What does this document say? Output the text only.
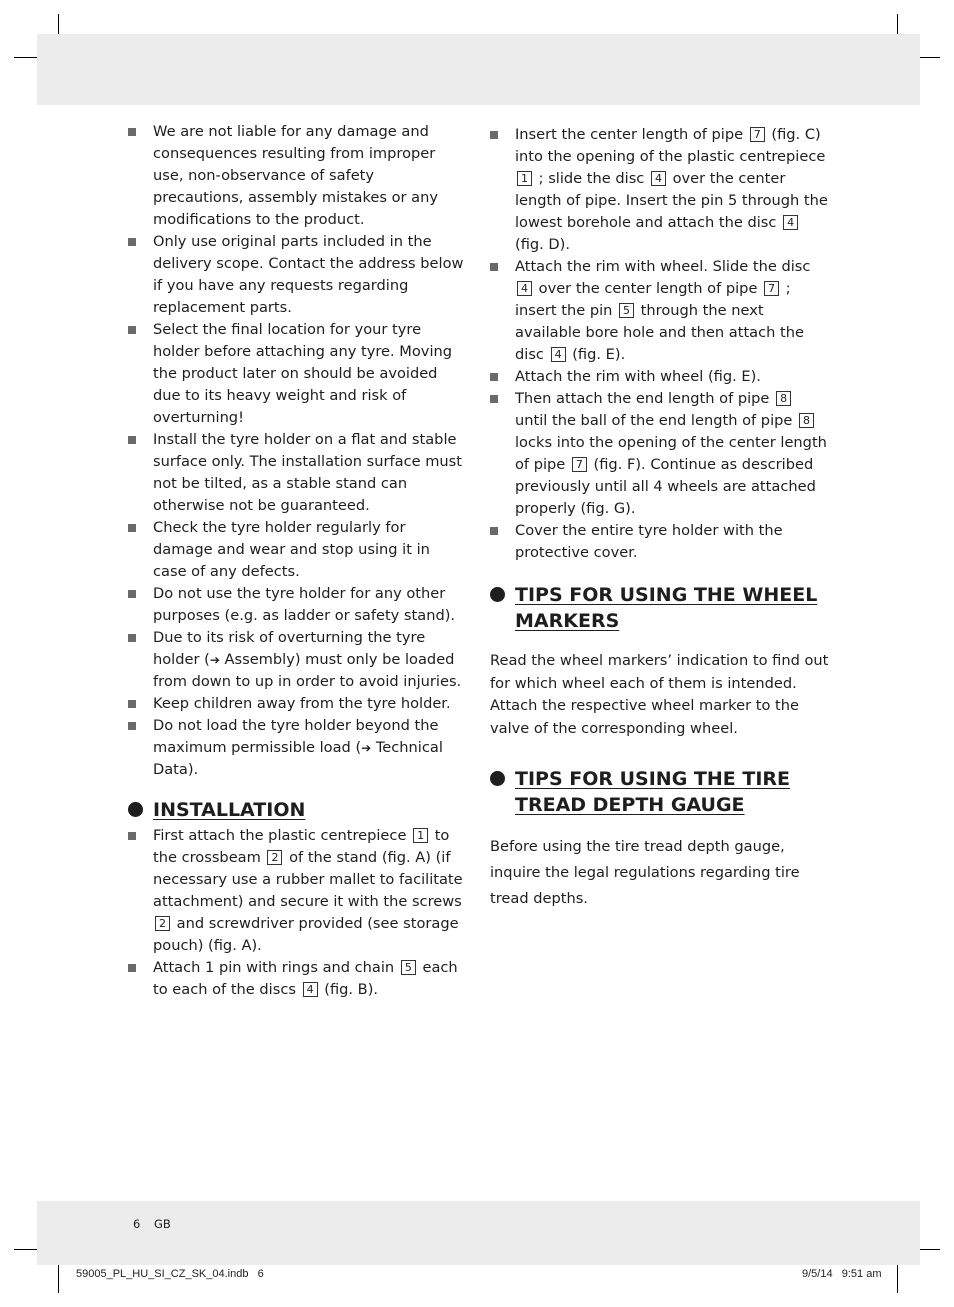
We are not liable for any damage and consequences resulting from improper use, non-observance of safety precautions, assembly mistakes or any modifications to the product.
Only use original parts included in the delivery scope. Contact the address below if you have any requests regarding replacement parts.
Select the final location for your tyre holder before attaching any tyre. Moving the product later on should be avoided due to its heavy weight and risk of overturning!
Install the tyre holder on a flat and stable surface only. The installation surface must not be tilted, as a stable stand can otherwise not be guaranteed.
Check the tyre holder regularly for damage and wear and stop using it in case of any defects.
Do not use the tyre holder for any other purposes (e.g. as ladder or safety stand).
Due to its risk of overturning the tyre holder (➔ Assembly) must only be loaded from down to up in order to avoid injuries.
Keep children away from the tyre holder.
Do not load the tyre holder beyond the maximum permissible load (➔ Technical Data).
INSTALLATION
First attach the plastic centrepiece 1 to the crossbeam 2 of the stand (fig. A) (if necessary use a rubber mallet to facilitate attachment) and secure it with the screws 2 and screwdriver provided (see storage pouch) (fig. A).
Attach 1 pin with rings and chain 5 each to each of the discs 4 (fig. B).
Insert the center length of pipe 7 (fig. C) into the opening of the plastic centrepiece 1 ; slide the disc 4 over the center length of pipe. Insert the pin 5 through the lowest borehole and attach the disc 4 (fig. D).
Attach the rim with wheel. Slide the disc 4 over the center length of pipe 7 ; insert the pin 5 through the next available bore hole and then attach the disc 4 (fig. E).
Attach the rim with wheel (fig. E).
Then attach the end length of pipe 8 until the ball of the end length of pipe 8 locks into the opening of the center length of pipe 7 (fig. F). Continue as described previously until all 4 wheels are attached properly (fig. G).
Cover the entire tyre holder with the protective cover.
TIPS FOR USING THE WHEEL MARKERS

Read the wheel markers’ indication to find out for which wheel each of them is intended. Attach the respective wheel marker to the valve of the corresponding wheel.

TIPS FOR USING THE TIRE TREAD DEPTH GAUGE

Before using the tire tread depth gauge, inquire the legal regulations regarding tire tread depths.

6 GB
59005_PL_HU_SI_CZ_SK_04.indb   6	9/5/14   9:51 am
